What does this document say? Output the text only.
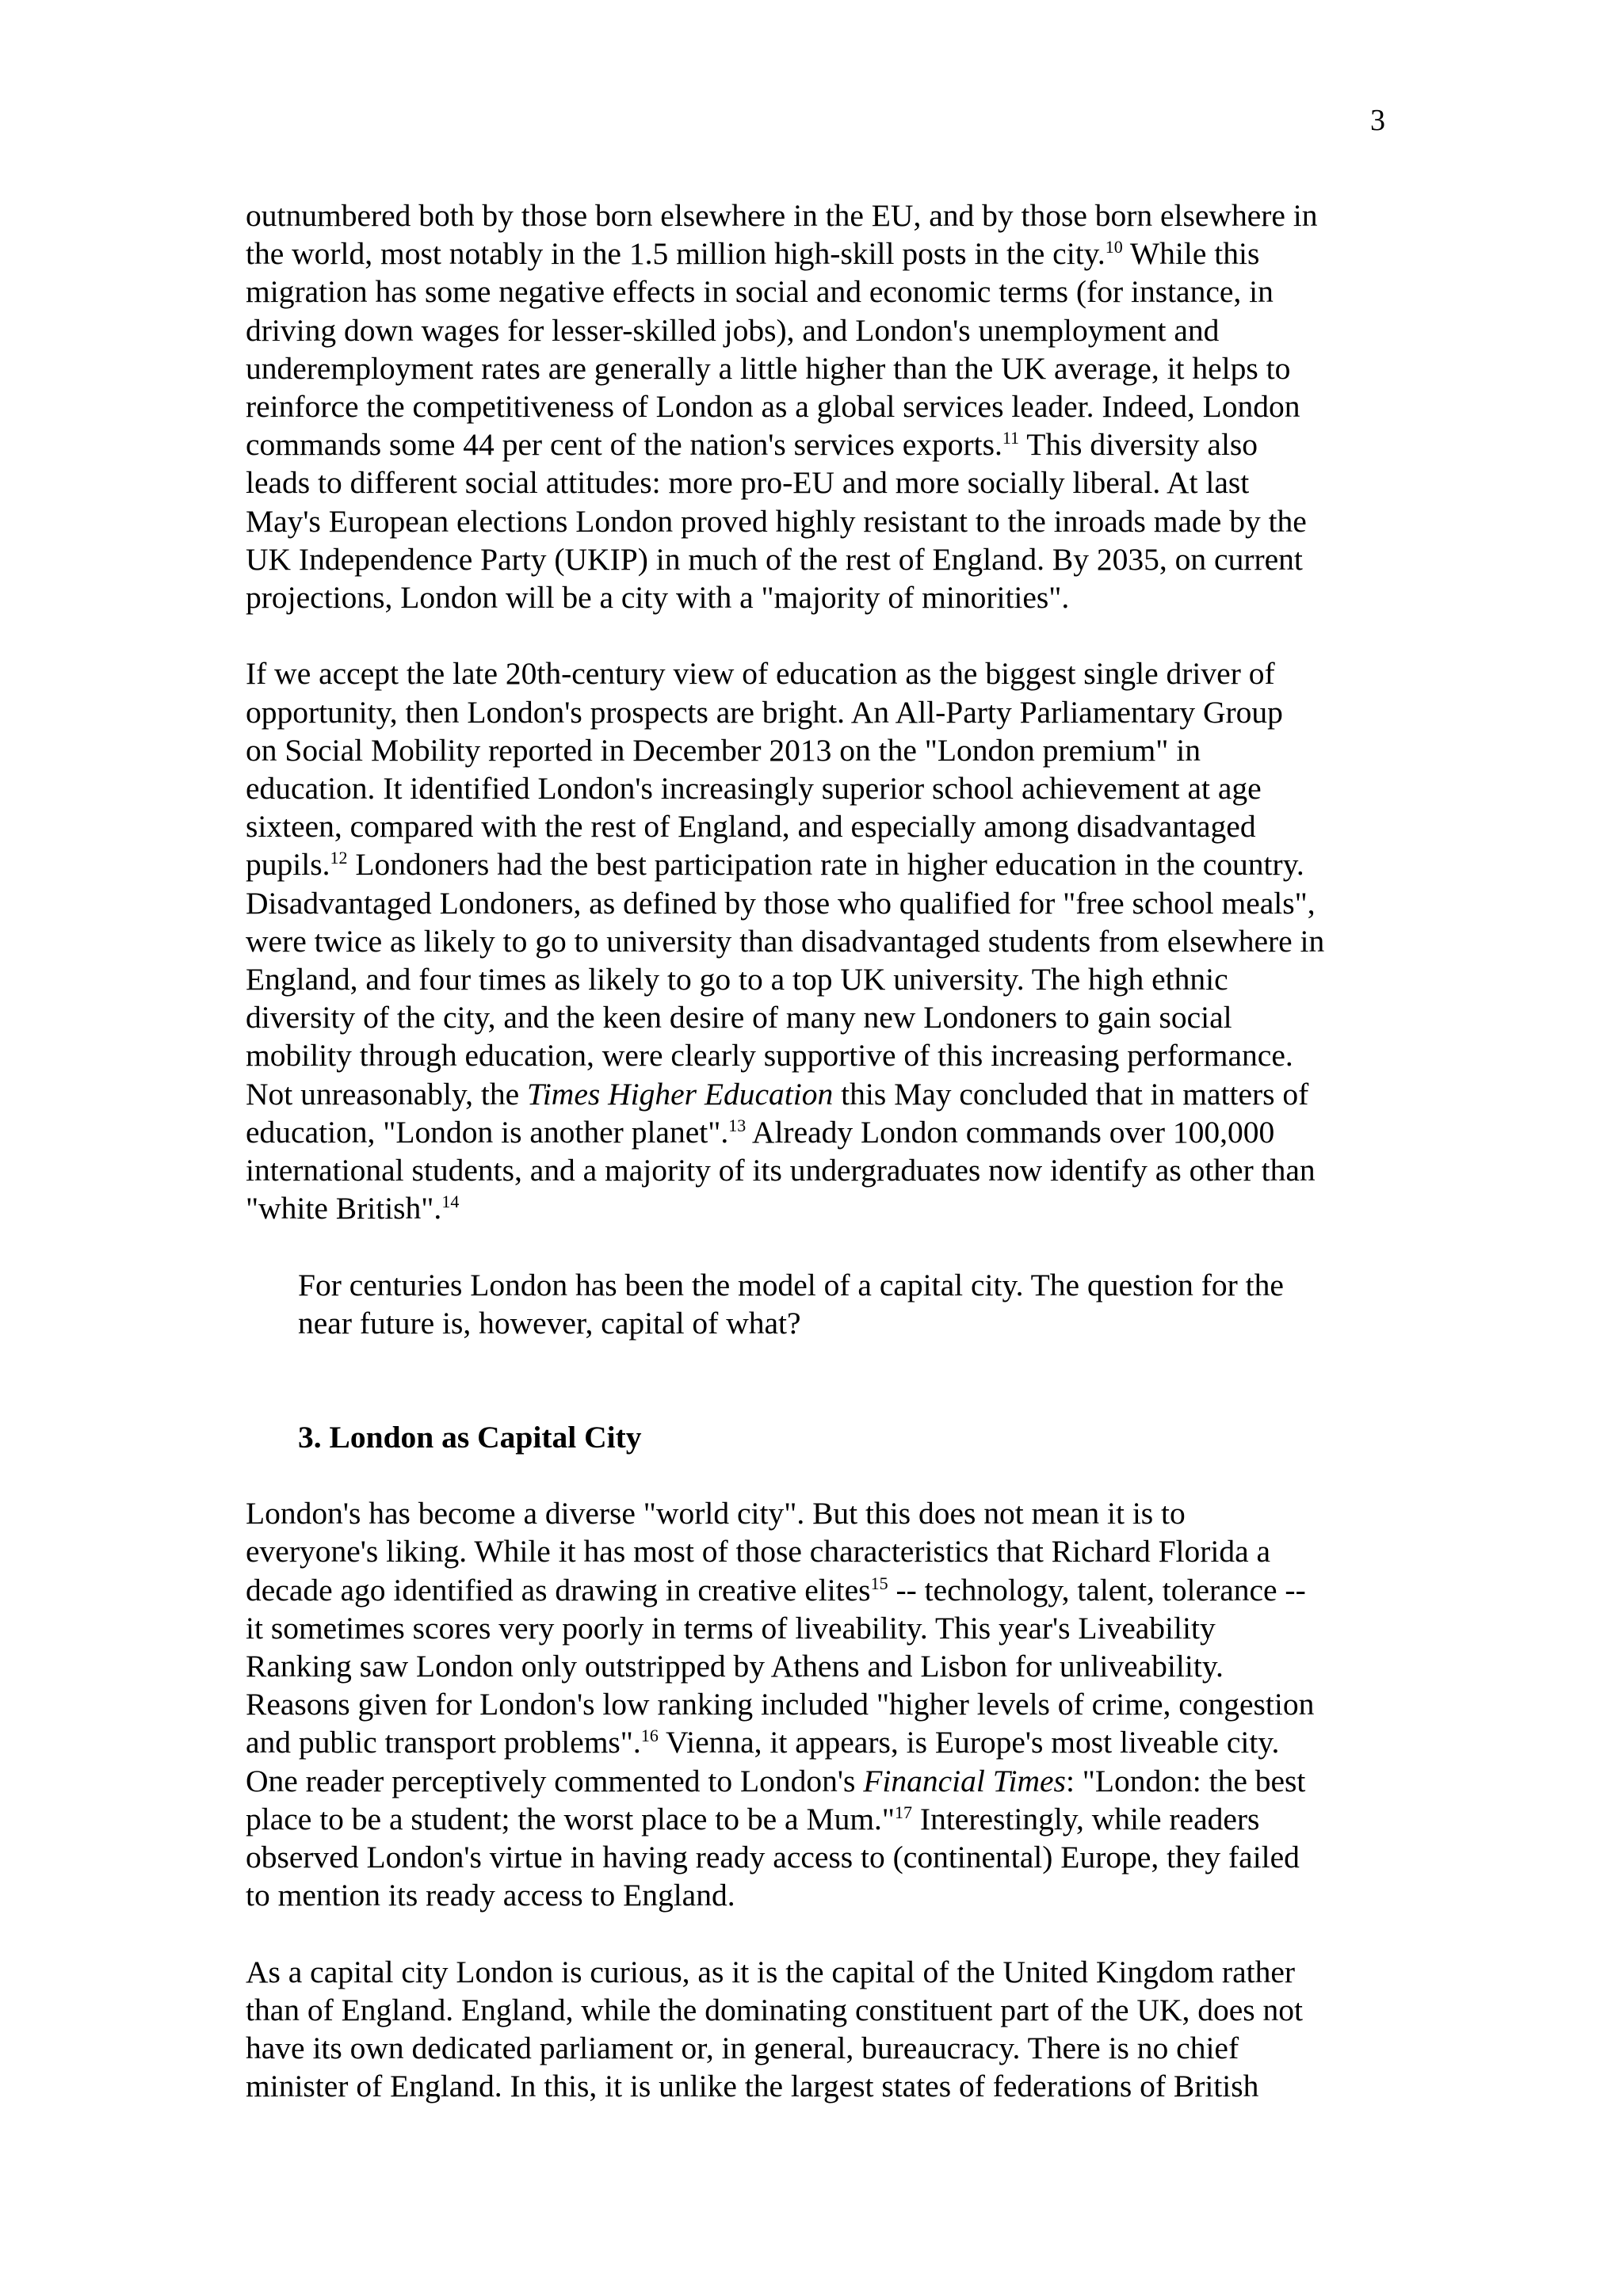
3
outnumbered both by those born elsewhere in the EU, and by those born elsewhere in
the world, most notably in the 1.5 million high-skill posts in the city.$^{10}$ While this
migration has some negative effects in social and economic terms (for instance, in
driving down wages for lesser-skilled jobs), and London's unemployment and
underemployment rates are generally a little higher than the UK average, it helps to
reinforce the competitiveness of London as a global services leader. Indeed, London
commands some 44 per cent of the nation's services exports.$^{11}$ This diversity also
leads to different social attitudes: more pro-EU and more socially liberal. At last
May's European elections London proved highly resistant to the inroads made by the
UK Independence Party (UKIP) in much of the rest of England. By 2035, on current
projections, London will be a city with a "majority of minorities".
If we accept the late 20th-century view of education as the biggest single driver of
opportunity, then London's prospects are bright. An All-Party Parliamentary Group
on Social Mobility reported in December 2013 on the "London premium" in
education. It identified London's increasingly superior school achievement at age
sixteen, compared with the rest of England, and especially among disadvantaged
pupils.$^{12}$ Londoners had the best participation rate in higher education in the country.
Disadvantaged Londoners, as defined by those who qualified for "free school meals",
were twice as likely to go to university than disadvantaged students from elsewhere in
England, and four times as likely to go to a top UK university. The high ethnic
diversity of the city, and the keen desire of many new Londoners to gain social
mobility through education, were clearly supportive of this increasing performance.
Not unreasonably, the Times Higher Education this May concluded that in matters of
education, "London is another planet".$^{13}$ Already London commands over 100,000
international students, and a majority of its undergraduates now identify as other than
"white British".$^{14}$
For centuries London has been the model of a capital city. The question for the
near future is, however, capital of what?
3. London as Capital City
London's has become a diverse "world city". But this does not mean it is to
everyone's liking. While it has most of those characteristics that Richard Florida a
decade ago identified as drawing in creative elites$^{15}$ -- technology, talent, tolerance --
it sometimes scores very poorly in terms of liveability. This year's Liveability
Ranking saw London only outstripped by Athens and Lisbon for unliveability.
Reasons given for London's low ranking included "higher levels of crime, congestion
and public transport problems".$^{16}$ Vienna, it appears, is Europe's most liveable city.
One reader perceptively commented to London's Financial Times: "London: the best
place to be a student; the worst place to be a Mum."$^{17}$ Interestingly, while readers
observed London's virtue in having ready access to (continental) Europe, they failed
to mention its ready access to England.
As a capital city London is curious, as it is the capital of the United Kingdom rather
than of England. England, while the dominating constituent part of the UK, does not
have its own dedicated parliament or, in general, bureaucracy. There is no chief
minister of England. In this, it is unlike the largest states of federations of British
